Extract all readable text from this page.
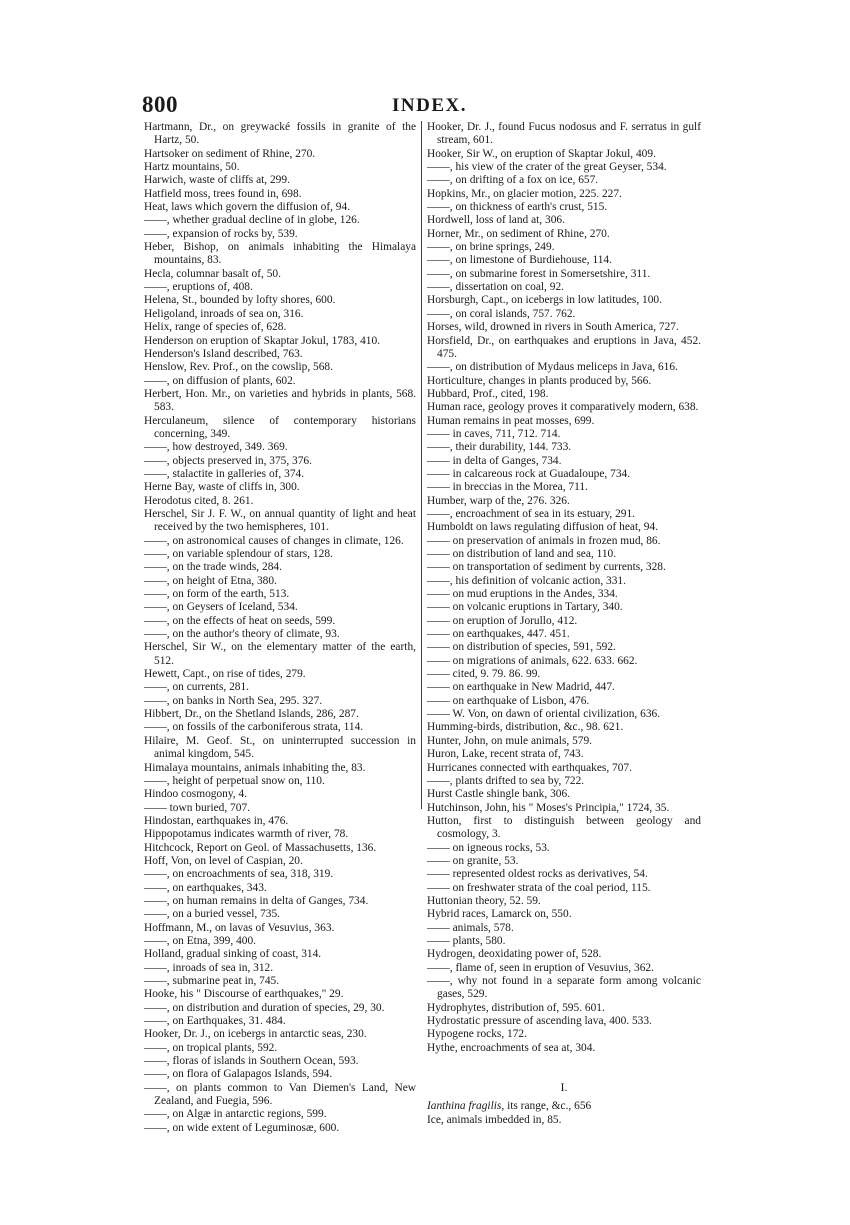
800	INDEX.

Hartmann, Dr., on greywacké fossils in granite of the Hartz, 50.

Hartsoker on sediment of Rhine, 270.

Hartz mountains, 50.

Harwich, waste of cliffs at, 299.

Hatfield moss, trees found in, 698.

Heat, laws which govern the diffusion of, 94.

——, whether gradual decline of in globe, 126.

——, expansion of rocks by, 539.

Heber, Bishop, on animals inhabiting the Himalaya mountains, 83.

Hecla, columnar basalt of, 50.

——, eruptions of, 408.

Helena, St., bounded by lofty shores, 600.

Heligoland, inroads of sea on, 316.

Helix, range of species of, 628.

Henderson on eruption of Skaptar Jokul, 1783, 410.

Henderson's Island described, 763.

Henslow, Rev. Prof., on the cowslip, 568.

——, on diffusion of plants, 602.

Herbert, Hon. Mr., on varieties and hybrids in plants, 568. 583.

Herculaneum, silence of contemporary historians concerning, 349.

——, how destroyed, 349. 369.

——, objects preserved in, 375, 376.

——, stalactite in galleries of, 374.

Herne Bay, waste of cliffs in, 300.

Herodotus cited, 8. 261.

Herschel, Sir J. F. W., on annual quantity of light and heat received by the two hemispheres, 101.

——, on astronomical causes of changes in climate, 126.

——, on variable splendour of stars, 128.

——, on the trade winds, 284.

——, on height of Etna, 380.

——, on form of the earth, 513.

——, on Geysers of Iceland, 534.

——, on the effects of heat on seeds, 599.

——, on the author's theory of climate, 93.

Herschel, Sir W., on the elementary matter of the earth, 512.

Hewett, Capt., on rise of tides, 279.

——, on currents, 281.

——, on banks in North Sea, 295. 327.

Hibbert, Dr., on the Shetland Islands, 286, 287.

——, on fossils of the carboniferous strata, 114.

Hilaire, M. Geof. St., on uninterrupted succession in animal kingdom, 545.

Himalaya mountains, animals inhabiting the, 83.

——, height of perpetual snow on, 110.

Hindoo cosmogony, 4.

—— town buried, 707.

Hindostan, earthquakes in, 476.

Hippopotamus indicates warmth of river, 78.

Hitchcock, Report on Geol. of Massachusetts, 136.

Hoff, Von, on level of Caspian, 20.

——, on encroachments of sea, 318, 319.

——, on earthquakes, 343.

——, on human remains in delta of Ganges, 734.

——, on a buried vessel, 735.

Hoffmann, M., on lavas of Vesuvius, 363.

——, on Etna, 399, 400.

Holland, gradual sinking of coast, 314.

——, inroads of sea in, 312.

——, submarine peat in, 745.

Hooke, his " Discourse of earthquakes," 29.

——, on distribution and duration of species, 29, 30.

——, on Earthquakes, 31. 484.

Hooker, Dr. J., on icebergs in antarctic seas, 230.

——, on tropical plants, 592.

——, floras of islands in Southern Ocean, 593.

——, on flora of Galapagos Islands, 594.

——, on plants common to Van Diemen's Land, New Zealand, and Fuegia, 596.

——, on Algæ in antarctic regions, 599.

——, on wide extent of Leguminosæ, 600.

Hooker, Dr. J., found Fucus nodosus and F. serratus in gulf stream, 601.

Hooker, Sir W., on eruption of Skaptar Jokul, 409.

——, his view of the crater of the great Geyser, 534.

——, on drifting of a fox on ice, 657.

Hopkins, Mr., on glacier motion, 225. 227.

——, on thickness of earth's crust, 515.

Hordwell, loss of land at, 306.

Horner, Mr., on sediment of Rhine, 270.

——, on brine springs, 249.

——, on limestone of Burdiehouse, 114.

——, on submarine forest in Somersetshire, 311.

——, dissertation on coal, 92.

Horsburgh, Capt., on icebergs in low latitudes, 100.

——, on coral islands, 757. 762.

Horses, wild, drowned in rivers in South America, 727.

Horsfield, Dr., on earthquakes and eruptions in Java, 452. 475.

——, on distribution of Mydaus meliceps in Java, 616.

Horticulture, changes in plants produced by, 566.

Hubbard, Prof., cited, 198.

Human race, geology proves it comparatively modern, 638.

Human remains in peat mosses, 699.

—— in caves, 711, 712. 714.

——, their durability, 144. 733.

—— in delta of Ganges, 734.

—— in calcareous rock at Guadaloupe, 734.

—— in breccias in the Morea, 711.

Humber, warp of the, 276. 326.

——, encroachment of sea in its estuary, 291.

Humboldt on laws regulating diffusion of heat, 94.

—— on preservation of animals in frozen mud, 86.

—— on distribution of land and sea, 110.

—— on transportation of sediment by currents, 328.

——, his definition of volcanic action, 331.

—— on mud eruptions in the Andes, 334.

—— on volcanic eruptions in Tartary, 340.

—— on eruption of Jorullo, 412.

—— on earthquakes, 447. 451.

—— on distribution of species, 591, 592.

—— on migrations of animals, 622. 633. 662.

—— cited, 9. 79. 86. 99.

—— on earthquake in New Madrid, 447.

—— on earthquake of Lisbon, 476.

—— W. Von, on dawn of oriental civilization, 636.

Humming-birds, distribution, &c., 98. 621.

Hunter, John, on mule animals, 579.

Huron, Lake, recent strata of, 743.

Hurricanes connected with earthquakes, 707.

——, plants drifted to sea by, 722.

Hurst Castle shingle bank, 306.

Hutchinson, John, his " Moses's Principia," 1724, 35.

Hutton, first to distinguish between geology and cosmology, 3.

—— on igneous rocks, 53.

—— on granite, 53.

—— represented oldest rocks as derivatives, 54.

—— on freshwater strata of the coal period, 115.

Huttonian theory, 52. 59.

Hybrid races, Lamarck on, 550.

—— animals, 578.

—— plants, 580.

Hydrogen, deoxidating power of, 528.

——, flame of, seen in eruption of Vesuvius, 362.

——, why not found in a separate form among volcanic gases, 529.

Hydrophytes, distribution of, 595. 601.

Hydrostatic pressure of ascending lava, 400. 533.

Hypogene rocks, 172.

Hythe, encroachments of sea at, 304.

I.

Ianthina fragilis, its range, &c., 656

Ice, animals imbedded in, 85.
